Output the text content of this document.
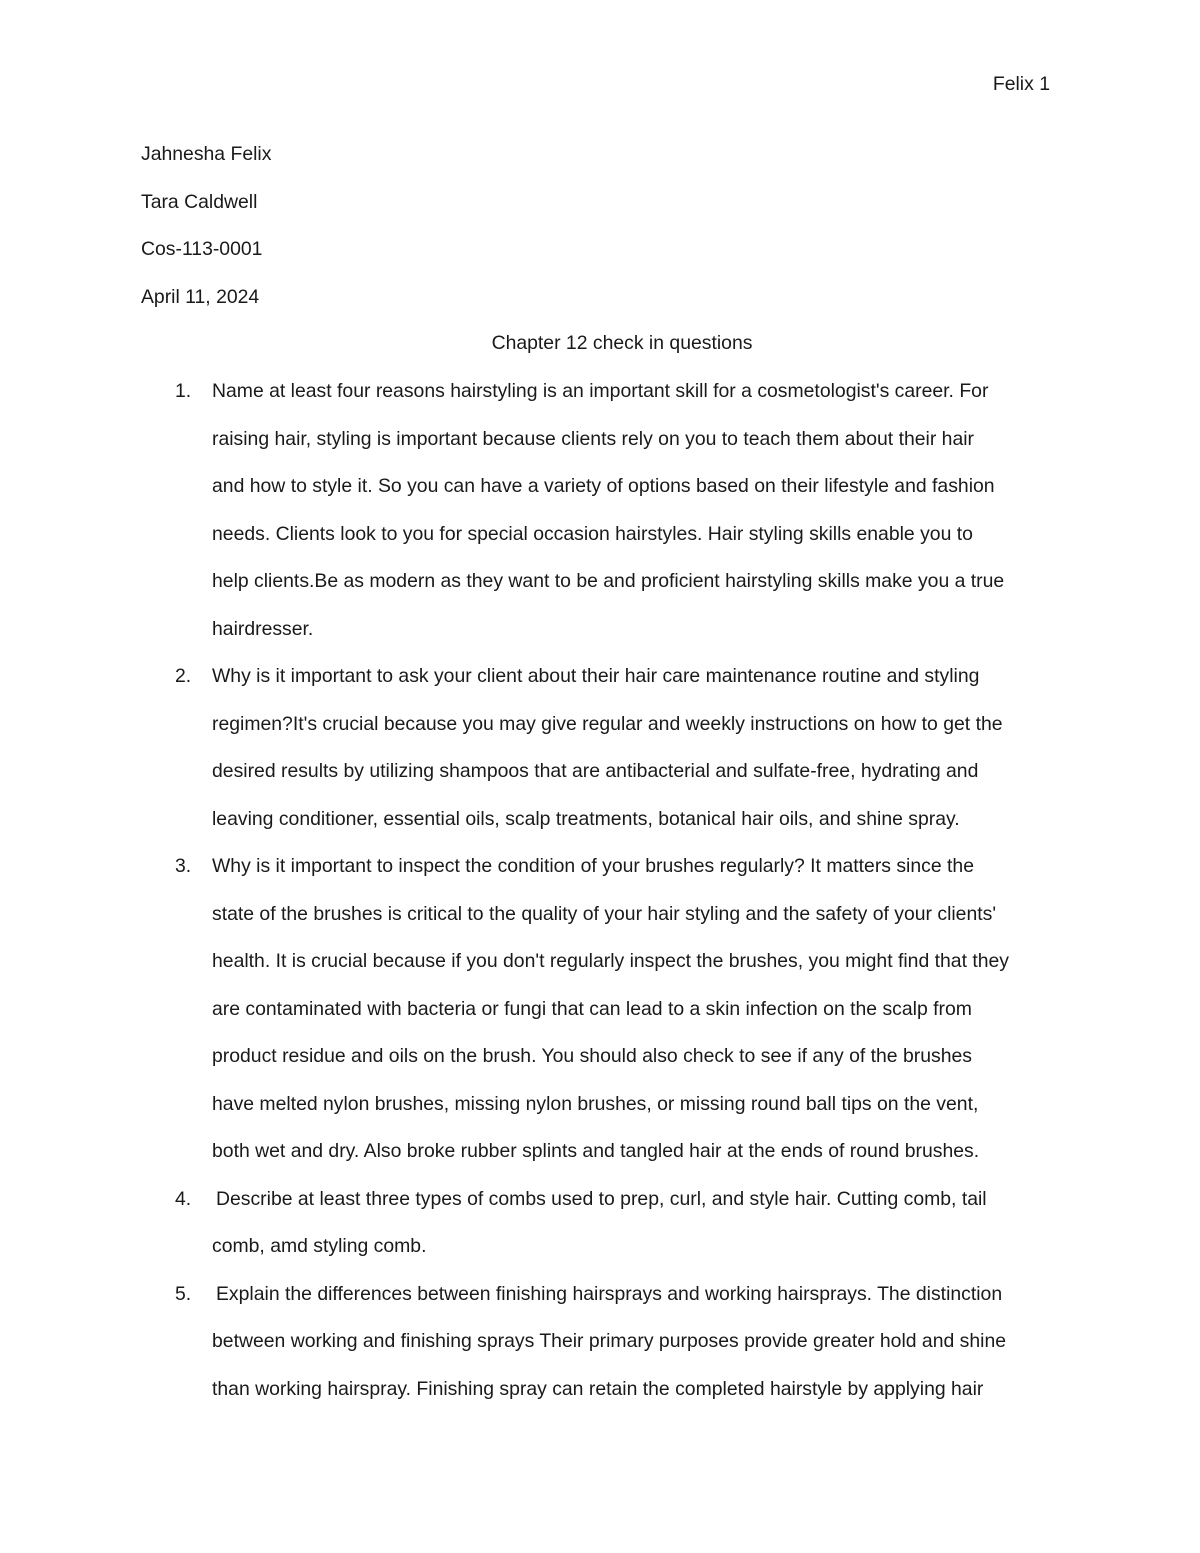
Felix 1
Jahnesha Felix
Tara Caldwell
Cos-113-0001
April 11, 2024
Chapter 12 check in questions
1. Name at least four reasons hairstyling is an important skill for a cosmetologist's career. For
raising hair, styling is important because clients rely on you to teach them about their hair
and how to style it. So you can have a variety of options based on their lifestyle and fashion
needs. Clients look to you for special occasion hairstyles. Hair styling skills enable you to
help clients.Be as modern as they want to be and proficient hairstyling skills make you a true
hairdresser.
2. Why is it important to ask your client about their hair care maintenance routine and styling
regimen?It's crucial because you may give regular and weekly instructions on how to get the
desired results by utilizing shampoos that are antibacterial and sulfate-free, hydrating and
leaving conditioner, essential oils, scalp treatments, botanical hair oils, and shine spray.
3. Why is it important to inspect the condition of your brushes regularly? It matters since the
state of the brushes is critical to the quality of your hair styling and the safety of your clients'
health. It is crucial because if you don't regularly inspect the brushes, you might find that they
are contaminated with bacteria or fungi that can lead to a skin infection on the scalp from
product residue and oils on the brush. You should also check to see if any of the brushes
have melted nylon brushes, missing nylon brushes, or missing round ball tips on the vent,
both wet and dry. Also broke rubber splints and tangled hair at the ends of round brushes.
4. Describe at least three types of combs used to prep, curl, and style hair. Cutting comb, tail
comb, amd styling comb.
5. Explain the differences between finishing hairsprays and working hairsprays. The distinction
between working and finishing sprays Their primary purposes provide greater hold and shine
than working hairspray. Finishing spray can retain the completed hairstyle by applying hair
